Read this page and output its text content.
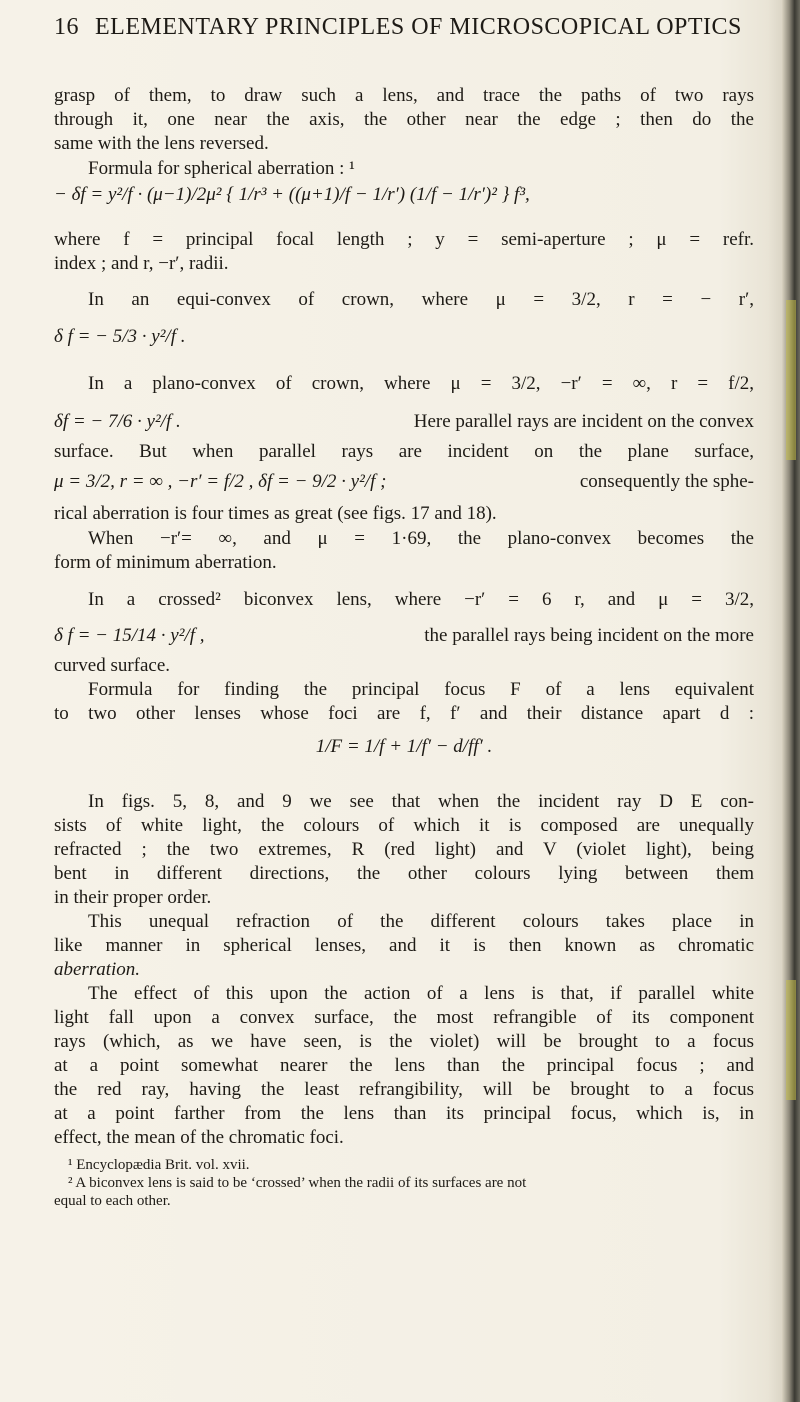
16 ELEMENTARY PRINCIPLES OF MICROSCOPICAL OPTICS
grasp of them, to draw such a lens, and trace the paths of two rays
through it, one near the axis, the other near the edge ; then do the
same with the lens reversed.
Formula for spherical aberration : ¹
− δf = y²/f · (μ−1)/2μ² { 1/r³ + ((μ+1)/f − 1/r′) (1/f − 1/r′)² } f³,
where f = principal focal length ; y = semi-aperture ; μ = refr.
index ; and r, −r′, radii.
In an equi-convex of crown, where μ = 3/2, r = − r′,
δ f = − 5/3 · y²/f .
In a plano-convex of crown, where μ = 3/2, −r′ = ∞, r = f/2,
δf = − 7/6 · y²/f .	Here parallel rays are incident on the convex
surface. But when parallel rays are incident on the plane surface,
μ = 3/2, r = ∞ , −r′ = f/2 , δf = − 9/2 · y²/f ;	consequently the sphe-
rical aberration is four times as great (see figs. 17 and 18).
When −r′= ∞, and μ = 1·69, the plano-convex becomes the
form of minimum aberration.
In a crossed² biconvex lens, where −r′ = 6 r, and μ = 3/2,
δ f = − 15/14 · y²/f ,	the parallel rays being incident on the more
curved surface.
Formula for finding the principal focus F of a lens equivalent
to two other lenses whose foci are f, f′ and their distance apart d :
1/F = 1/f + 1/f′ − d/ff′ .
In figs. 5, 8, and 9 we see that when the incident ray D E con-
sists of white light, the colours of which it is composed are unequally
refracted ; the two extremes, R (red light) and V (violet light), being
bent in different directions, the other colours lying between them
in their proper order.
This unequal refraction of the different colours takes place in
like manner in spherical lenses, and it is then known as chromatic
aberration.
The effect of this upon the action of a lens is that, if parallel white
light fall upon a convex surface, the most refrangible of its component
rays (which, as we have seen, is the violet) will be brought to a focus
at a point somewhat nearer the lens than the principal focus ; and
the red ray, having the least refrangibility, will be brought to a focus
at a point farther from the lens than its principal focus, which is, in
effect, the mean of the chromatic foci.
¹ Encyclopædia Brit. vol. xvii.
² A biconvex lens is said to be ‘crossed’ when the radii of its surfaces are not
equal to each other.
